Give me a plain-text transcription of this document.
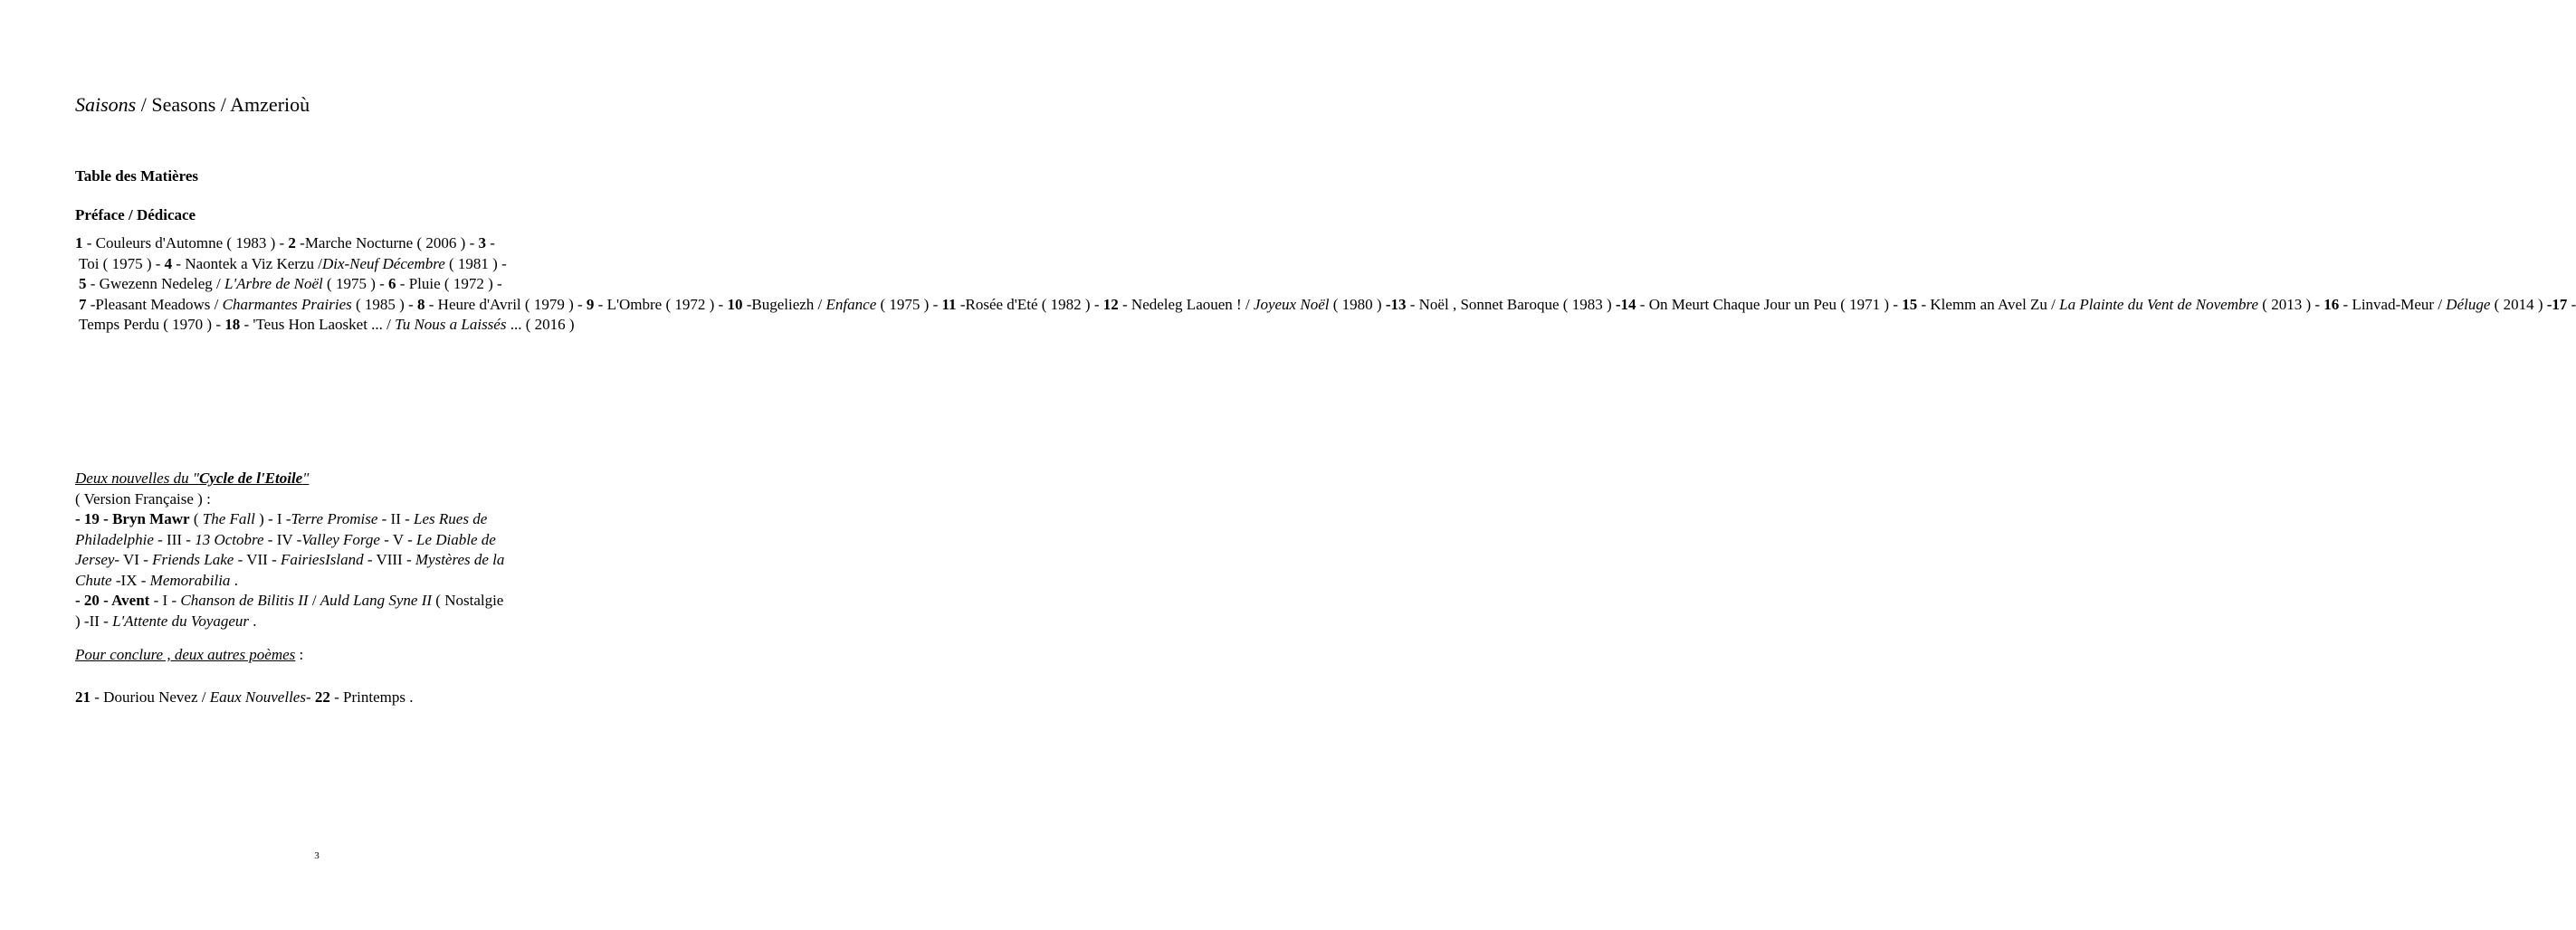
Saisons / Seasons / Amzerioù
Table des Matières
Préface / Dédicace
1 - Couleurs d'Automne ( 1983 ) - 2 -Marche Nocturne ( 2006 ) - 3 -
Toi ( 1975 ) - 4 - Naontek a Viz Kerzu /Dix-Neuf Décembre ( 1981 ) -
5 - Gwezenn Nedeleg / L'Arbre de Noël ( 1975 ) - 6 - Pluie ( 1972 ) -
7 -Pleasant Meadows / Charmantes Prairies ( 1985 ) - 8 - Heure d'Avril ( 1979 ) - 9 - L'Ombre ( 1972 ) - 10 -Bugeliezh / Enfance ( 1975 ) - 11 -Rosée d'Eté ( 1982 ) - 12 - Nedeleg Laouen ! / Joyeux Noël ( 1980 ) -13 - Noël , Sonnet Baroque ( 1983 ) -14 - On Meurt Chaque Jour un Peu ( 1971 ) - 15 - Klemm an Avel Zu / La Plainte du Vent de Novembre ( 2013 ) - 16 - Linvad-Meur / Déluge ( 2014 ) -17 -
Temps Perdu ( 1970 ) - 18 - 'Teus Hon Laosket ... / Tu Nous a Laissés ... ( 2016 )
Deux nouvelles du "Cycle de l'Etoile"
( Version Française ) :
- 19 - Bryn Mawr ( The Fall ) - I -Terre Promise - II - Les Rues de
Philadelphie - III - 13 Octobre - IV -Valley Forge - V - Le Diable de
Jersey- VI - Friends Lake - VII - FairiesIsland - VIII - Mystères de la
Chute -IX - Memorabilia .
- 20 - Avent - I - Chanson de Bilitis II / Auld Lang Syne II ( Nostalgie
) -II - L'Attente du Voyageur .
Pour conclure , deux autres poèmes :
21 - Douriou Nevez / Eaux Nouvelles- 22 - Printemps .
3
